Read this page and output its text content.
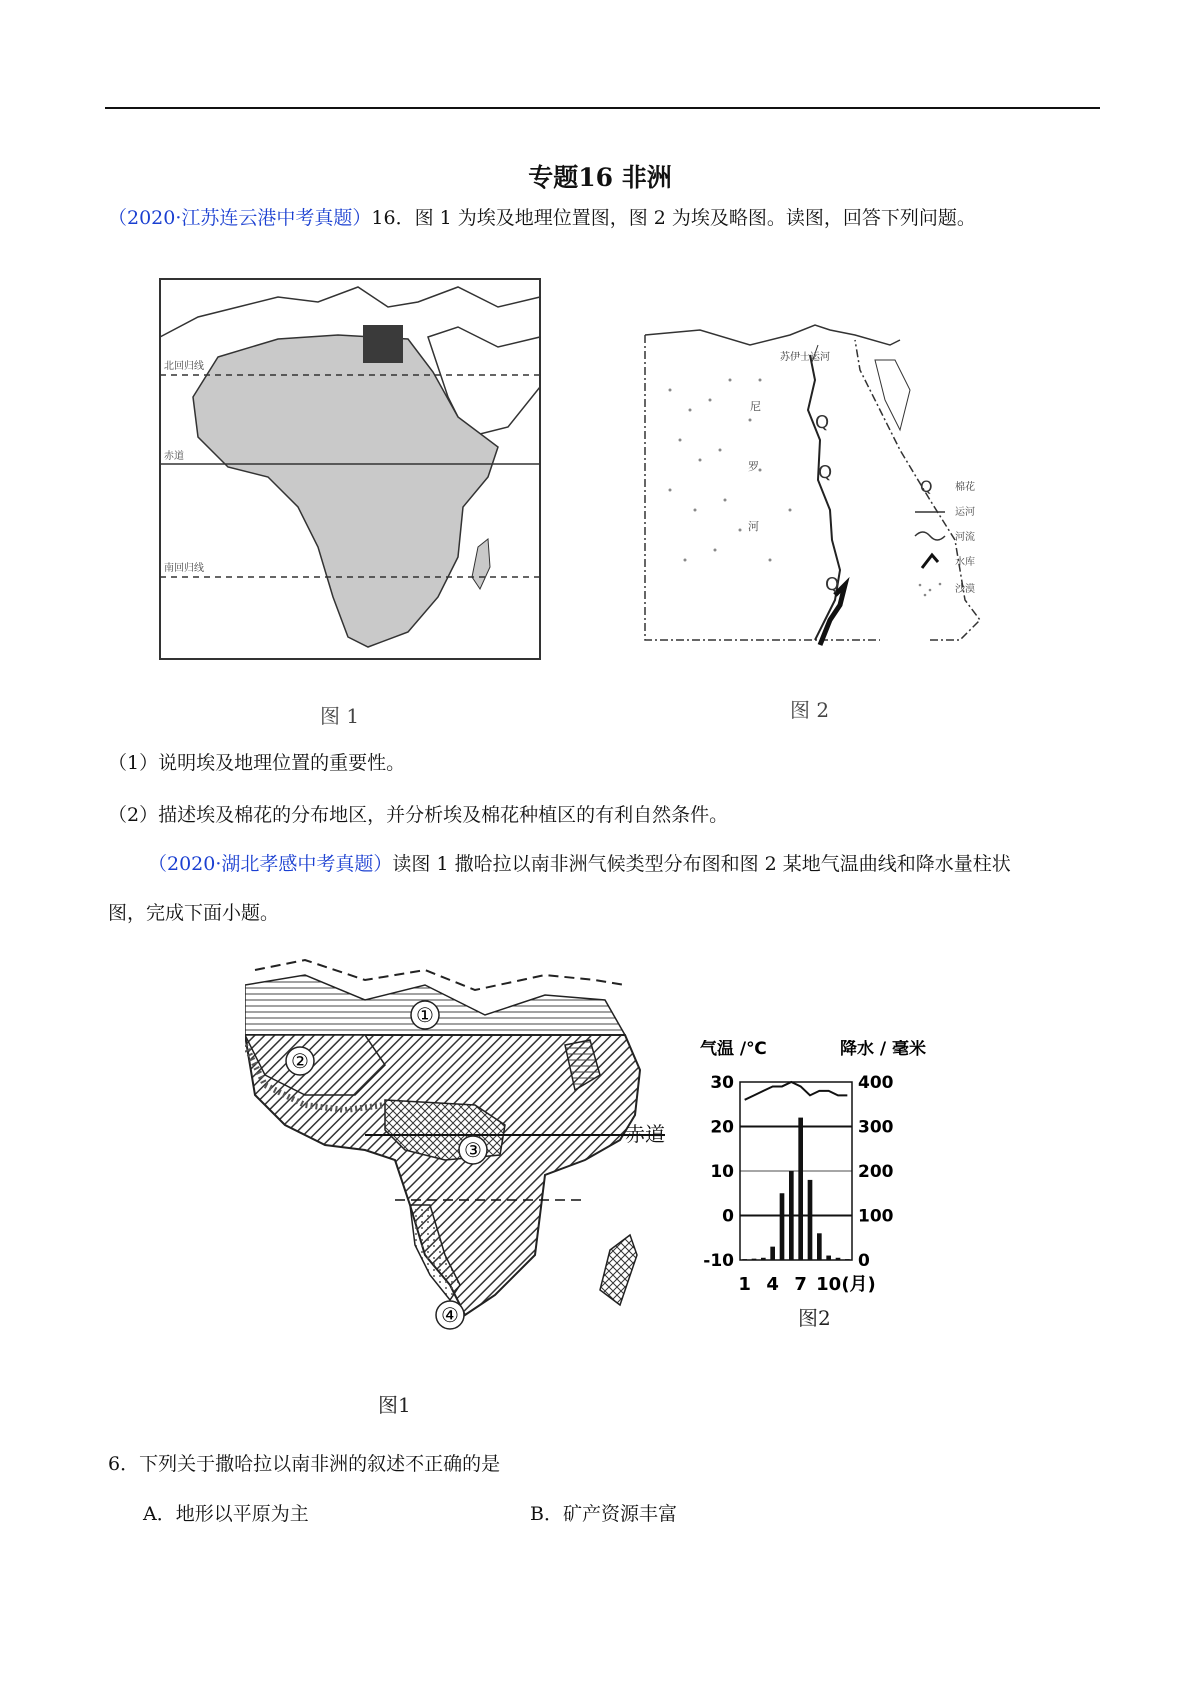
专题16 非洲
（2020·江苏连云港中考真题）16．图 1 为埃及地理位置图，图 2 为埃及略图。读图，回答下列问题。
北回归线
赤道
南回归线
图 1
苏伊士运河
尼
罗
河
Q
Q
Q
Q 棉花
运河
河流
水库
沙漠
图 2
（1）说明埃及地理位置的重要性。
（2）描述埃及棉花的分布地区，并分析埃及棉花种植区的有利自然条件。
（2020·湖北孝感中考真题）读图 1 撒哈拉以南非洲气候类型分布图和图 2 某地气温曲线和降水量柱状
图，完成下面小题。
赤道
①
②
③
④
图1
气温 /℃	降水 / 毫米
30
20
10
0
-10
400
300
200
100
0
1 4 7 10 (月)
图2
6．下列关于撒哈拉以南非洲的叙述不正确的是
A．地形以平原为主	B．矿产资源丰富
